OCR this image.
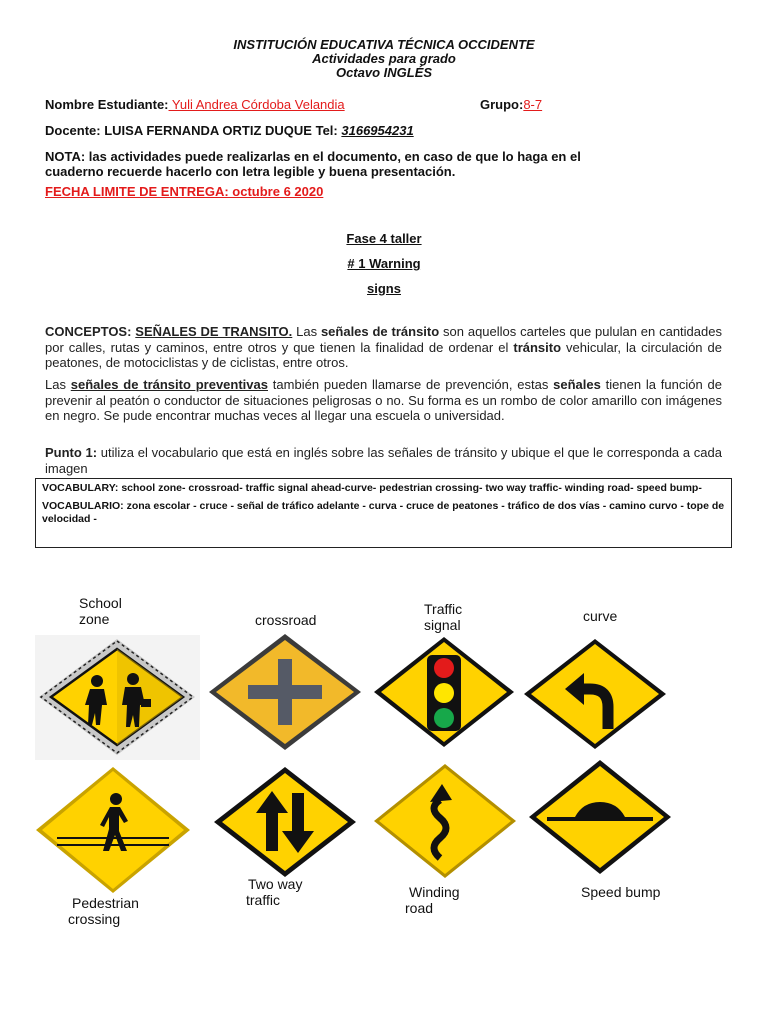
INSTITUCIÓN EDUCATIVA TÉCNICA OCCIDENTE
Actividades para grado
Octavo INGLÉS
Nombre Estudiante: Yuli Andrea Córdoba Velandia	Grupo:8-7
Docente: LUISA FERNANDA ORTIZ DUQUE Tel: 3166954231
NOTA: las actividades puede realizarlas en el documento, en caso de que lo haga en el
cuaderno recuerde hacerlo con letra legible y buena presentación.
FECHA LIMITE DE ENTREGA: octubre 6 2020
Fase 4 taller
# 1 Warning
signs
CONCEPTOS: SEÑALES DE TRANSITO. Las señales de tránsito son aquellos carteles que pululan en cantidades por calles, rutas y caminos, entre otros y que tienen la finalidad de ordenar el tránsito vehicular, la circulación de peatones, de motociclistas y de ciclistas, entre otros.
Las señales de tránsito preventivas también pueden llamarse de prevención, estas señales tienen la función de prevenir al peatón o conductor de situaciones peligrosas o no. Su forma es un rombo de color amarillo con imágenes en negro. Se pude encontrar muchas veces al llegar una escuela o universidad.
Punto 1: utiliza el vocabulario que está en inglés sobre las señales de tránsito y ubique el que le corresponda a cada imagen

VOCABULARY: school zone- crossroad- traffic signal ahead-curve- pedestrian crossing- two way traffic- winding road- speed bump-

VOCABULARIO: zona escolar - cruce - señal de tráfico adelante - curva - cruce de peatones - tráfico de dos vías - camino curvo - tope de velocidad -

School
zone	crossroad
Traffic
signal
curve
Pedestrian
crossing
Two way
traffic	Winding
road
Speed bump
